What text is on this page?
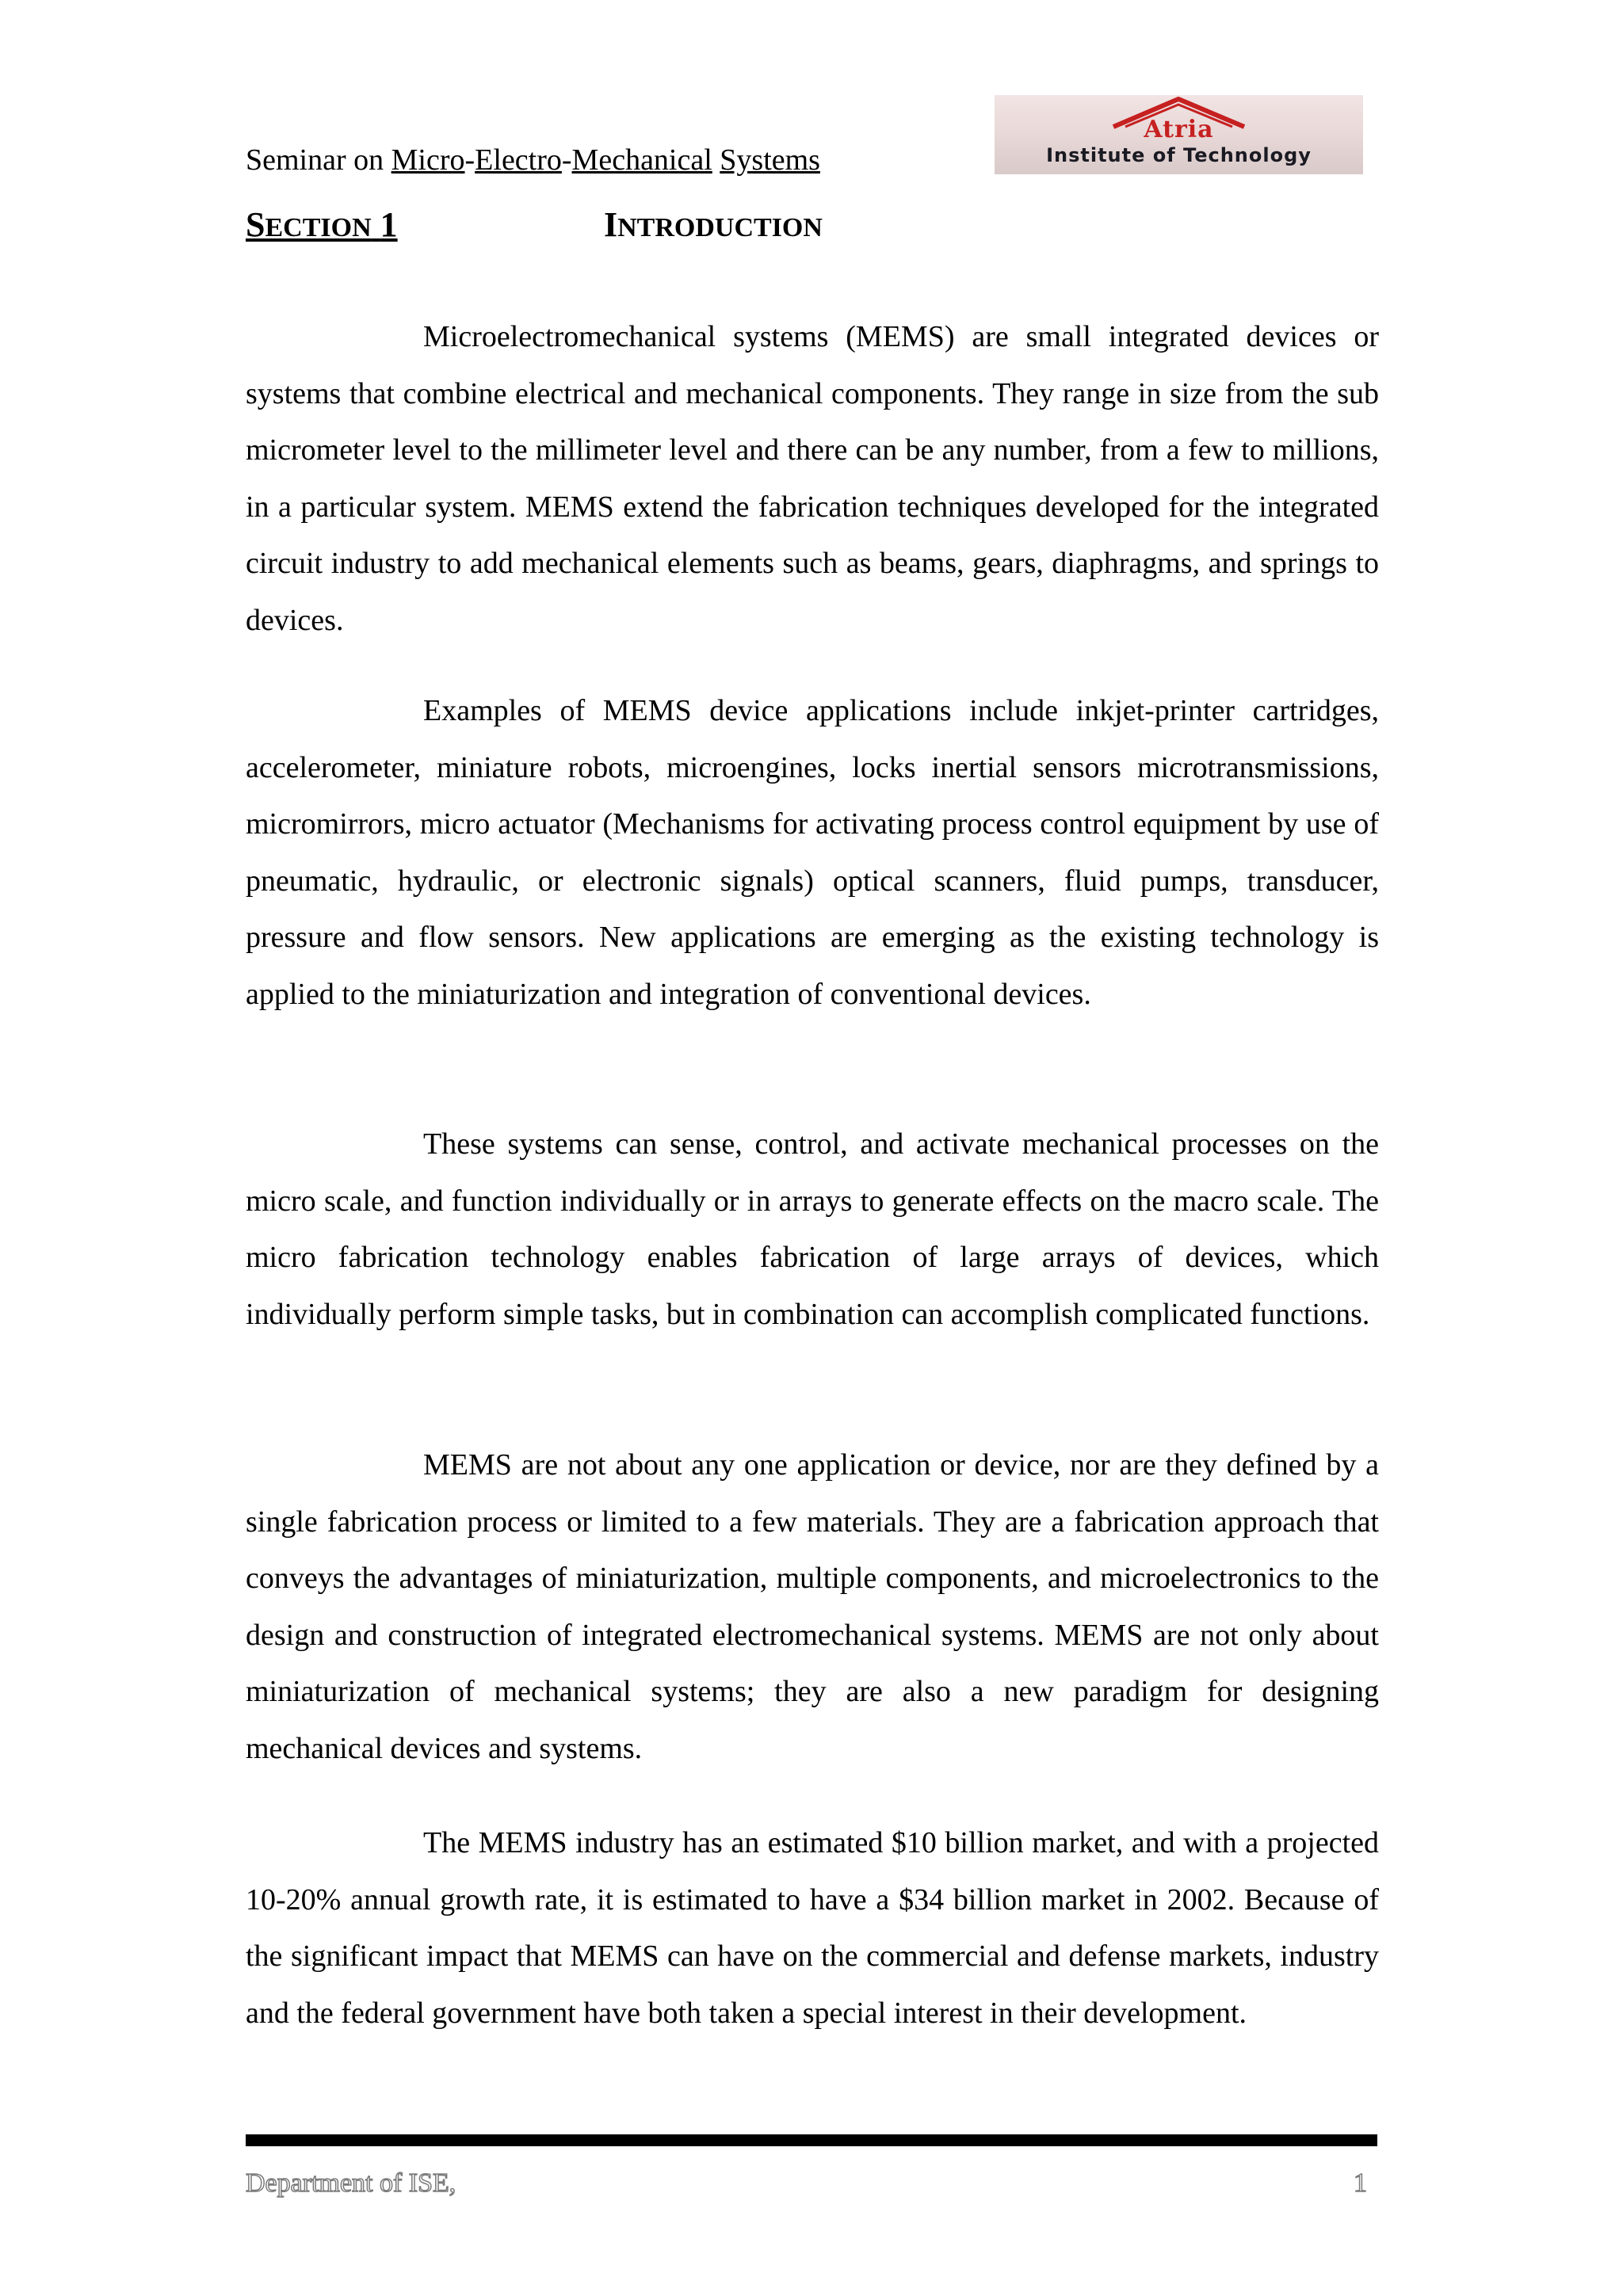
Seminar on Micro-Electro-Mechanical Systems
Atria
Institute of Technology
SECTION 1	INTRODUCTION

Microelectromechanical systems (MEMS) are small integrated devices or systems that combine electrical and mechanical components. They range in size from the sub micrometer level to the millimeter level and there can be any number, from a few to millions, in a particular system. MEMS extend the fabrication techniques developed for the integrated circuit industry to add mechanical elements such as beams, gears, diaphragms, and springs to devices.

Examples of MEMS device applications include inkjet-printer cartridges, accelerometer, miniature robots, microengines, locks inertial sensors microtransmissions, micromirrors, micro actuator (Mechanisms for activating process control equipment by use of pneumatic, hydraulic, or electronic signals) optical scanners, fluid pumps, transducer, pressure and flow sensors. New applications are emerging as the existing technology is applied to the miniaturization and integration of conventional devices.

These systems can sense, control, and activate mechanical processes on the micro scale, and function individually or in arrays to generate effects on the macro scale. The micro fabrication technology enables fabrication of large arrays of devices, which individually perform simple tasks, but in combination can accomplish complicated functions.

MEMS are not about any one application or device, nor are they defined by a single fabrication process or limited to a few materials. They are a fabrication approach that conveys the advantages of miniaturization, multiple components, and microelectronics to the design and construction of integrated electromechanical systems. MEMS are not only about miniaturization of mechanical systems; they are also a new paradigm for designing mechanical devices and systems.

The MEMS industry has an estimated $10 billion market, and with a projected 10-20% annual growth rate, it is estimated to have a $34 billion market in 2002. Because of the significant impact that MEMS can have on the commercial and defense markets, industry and the federal government have both taken a special interest in their development.

Department of ISE,	1
